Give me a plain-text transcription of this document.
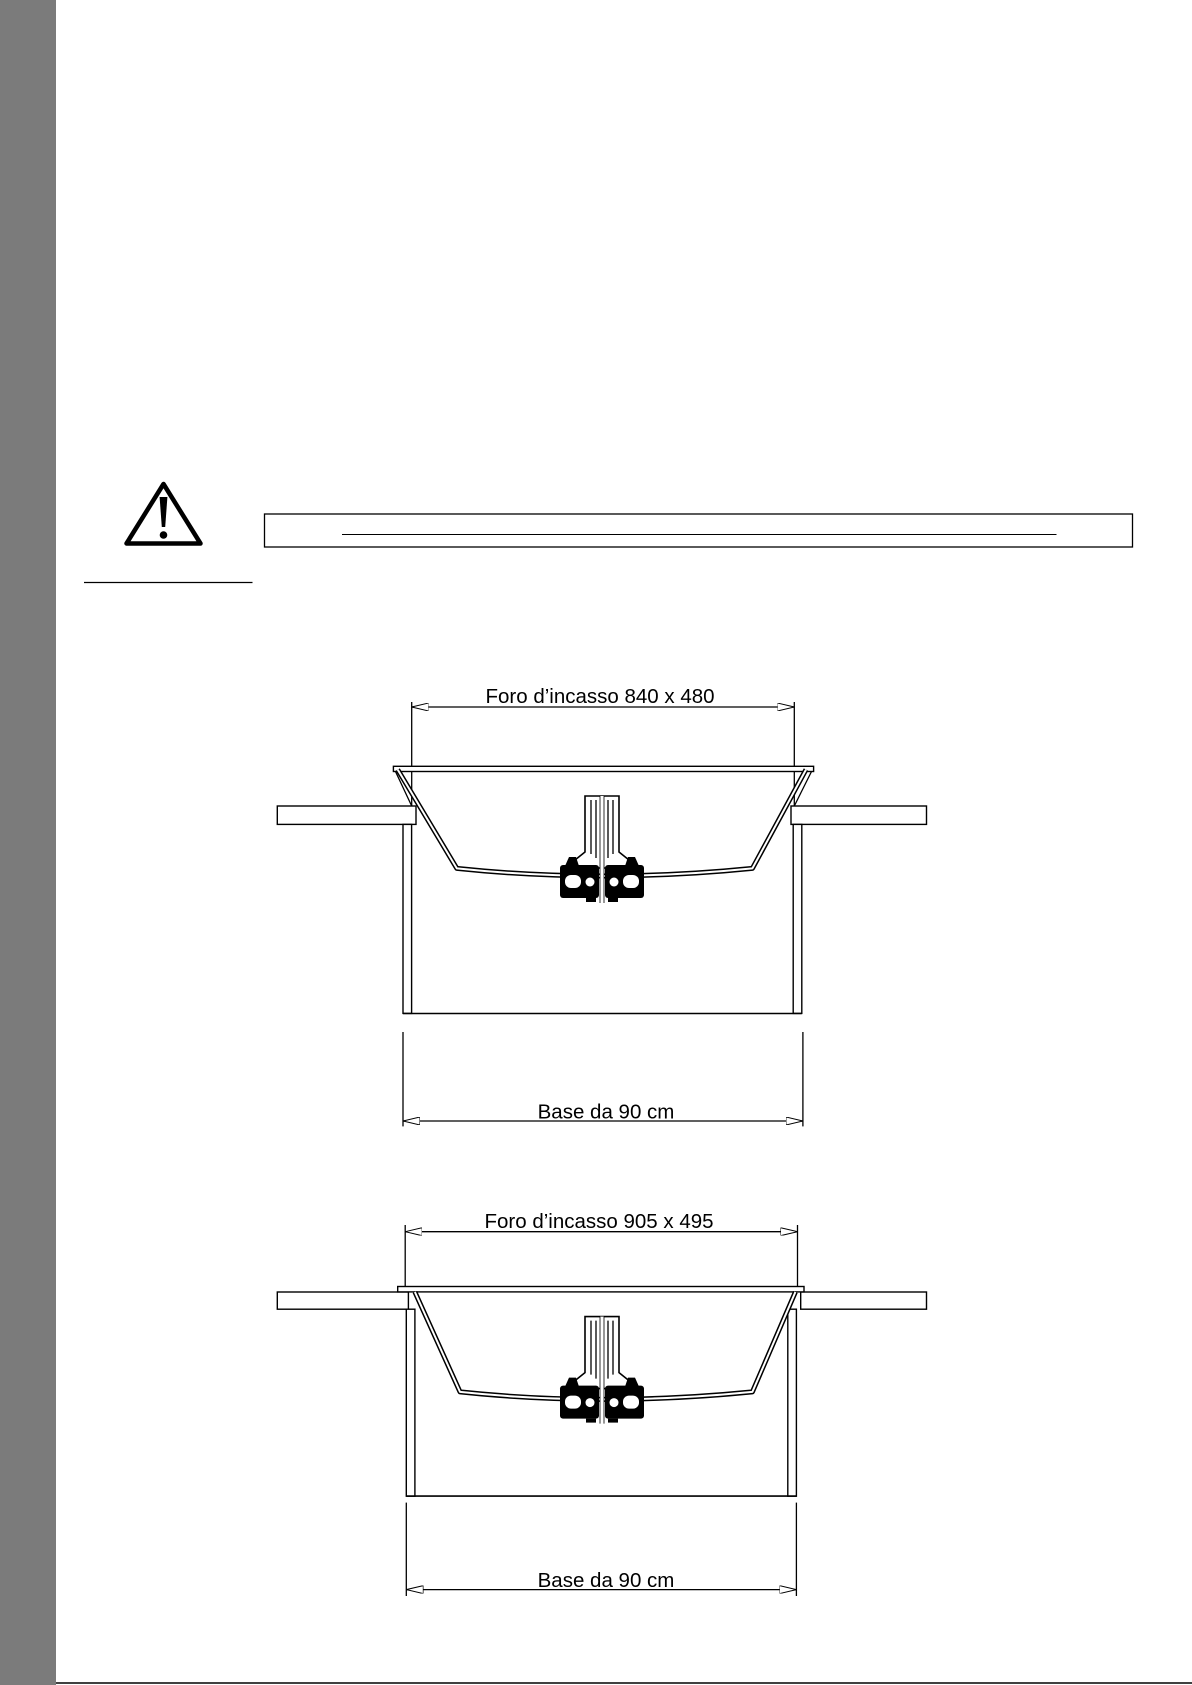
Foro d’incasso 840 x 480
Base da 90 cm
Foro d’incasso 905 x 495
Base da 90 cm
